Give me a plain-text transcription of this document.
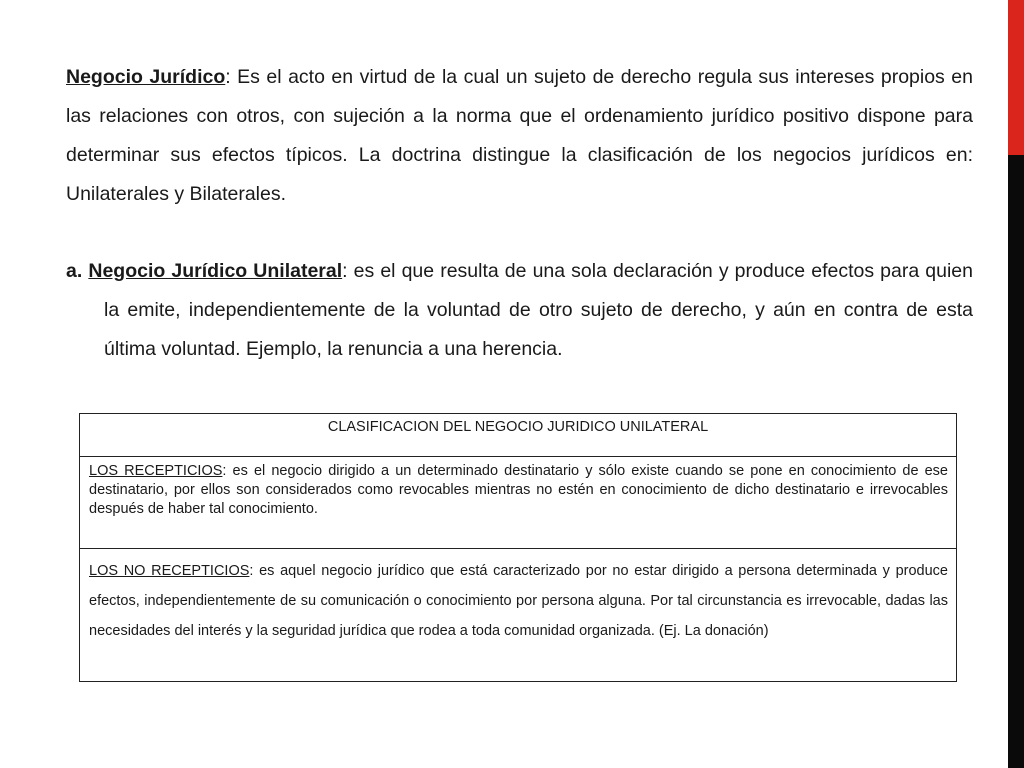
Negocio Jurídico: Es el acto en virtud de la cual un sujeto de derecho regula sus intereses propios en las relaciones con otros, con sujeción a la norma que el ordenamiento jurídico positivo dispone para determinar sus efectos típicos. La doctrina distingue la clasificación de los negocios jurídicos en: Unilaterales y Bilaterales.

a. Negocio Jurídico Unilateral: es el que resulta de una sola declaración y produce efectos para quien la emite, independientemente de la voluntad de otro sujeto de derecho, y aún en contra de esta última voluntad. Ejemplo, la renuncia a una herencia.

CLASIFICACION DEL NEGOCIO JURIDICO UNILATERAL
LOS RECEPTICIOS: es el negocio dirigido a un determinado destinatario y sólo existe cuando se pone en conocimiento de ese destinatario, por ellos son considerados como revocables mientras no estén en conocimiento de dicho destinatario e irrevocables después de haber tal conocimiento.
LOS NO RECEPTICIOS: es aquel negocio jurídico que está caracterizado por no estar dirigido a persona determinada y produce efectos, independientemente de su comunicación o conocimiento por persona alguna. Por tal circunstancia es irrevocable, dadas las necesidades del interés y la seguridad jurídica que rodea a toda comunidad organizada. (Ej. La donación)
